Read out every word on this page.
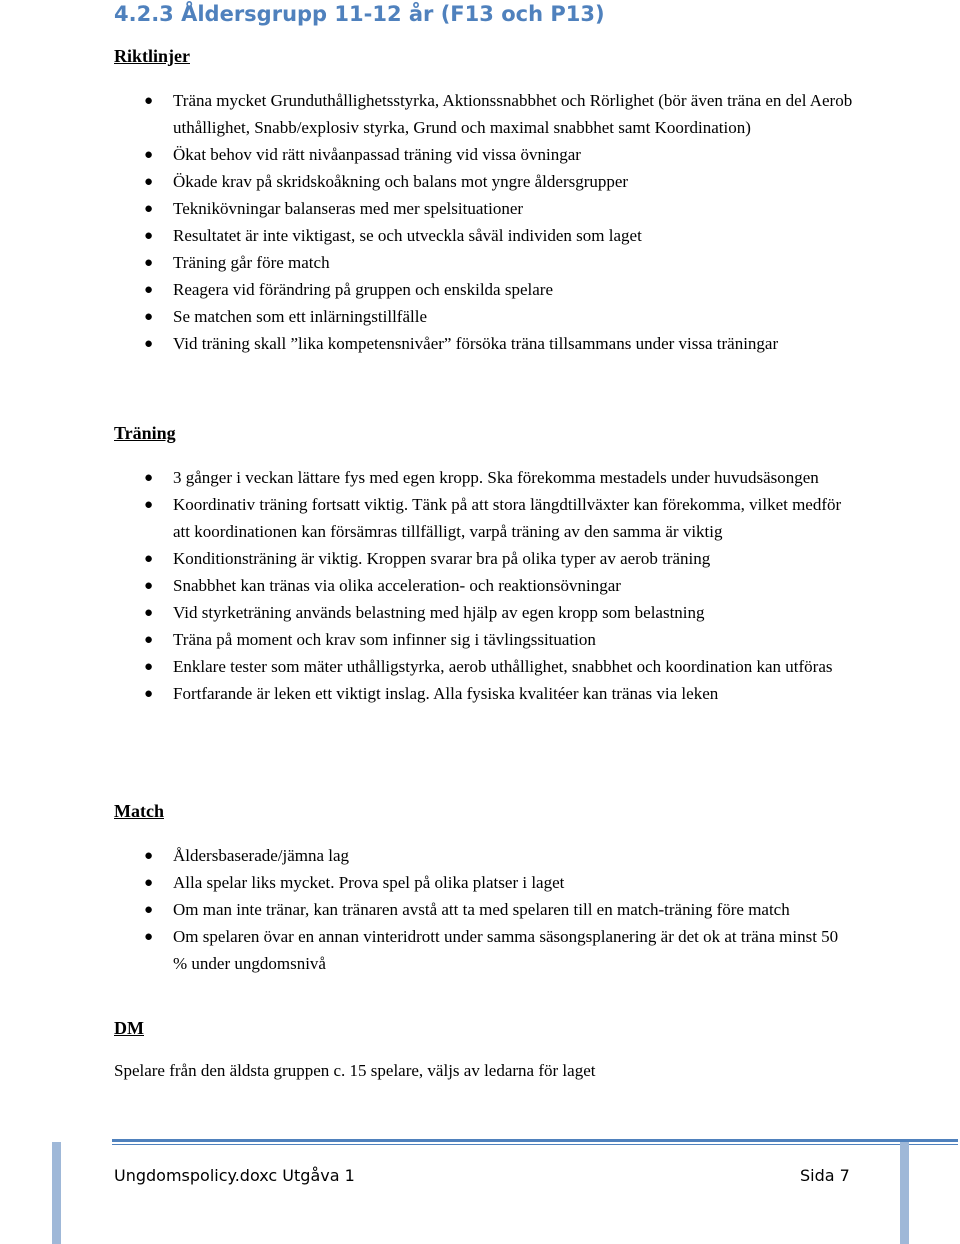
4.2.3 Åldersgrupp 11-12 år (F13 och P13)
Riktlinjer
● Träna mycket Grunduthållighetsstyrka, Aktionssnabbhet och Rörlighet (bör även träna en del Aerob uthållighet, Snabb/explosiv styrka, Grund och maximal snabbhet samt Koordination)
● Ökat behov vid rätt nivåanpassad träning vid vissa övningar
● Ökade krav på skridskoåkning och balans mot yngre åldersgrupper
● Teknikövningar balanseras med mer spelsituationer
● Resultatet är inte viktigast, se och utveckla såväl individen som laget
● Träning går före match
● Reagera vid förändring på gruppen och enskilda spelare
● Se matchen som ett inlärningstillfälle
● Vid träning skall ”lika kompetensnivåer” försöka träna tillsammans under vissa träningar
Träning
● 3 gånger i veckan lättare fys med egen kropp. Ska förekomma mestadels under huvudsäsongen
● Koordinativ träning fortsatt viktig. Tänk på att stora längdtillväxter kan förekomma, vilket medför att koordinationen kan försämras tillfälligt, varpå träning av den samma är viktig
● Konditionsträning är viktig. Kroppen svarar bra på olika typer av aerob träning
● Snabbhet kan tränas via olika acceleration- och reaktionsövningar
● Vid styrketräning används belastning med hjälp av egen kropp som belastning
● Träna på moment och krav som infinner sig i tävlingssituation
● Enklare tester som mäter uthålligstyrka, aerob uthållighet, snabbhet och koordination kan utföras
● Fortfarande är leken ett viktigt inslag. Alla fysiska kvalitéer kan tränas via leken
Match
● Åldersbaserade/jämna lag
● Alla spelar liks mycket. Prova spel på olika platser i laget
● Om man inte tränar, kan tränaren avstå att ta med spelaren till en match-träning före match
● Om spelaren övar en annan vinteridrott under samma säsongsplanering är det ok at träna minst 50 % under ungdomsnivå
DM

Spelare från den äldsta gruppen c. 15 spelare, väljs av ledarna för laget

Ungdomspolicy.doxc Utgåva 1	Sida 7
